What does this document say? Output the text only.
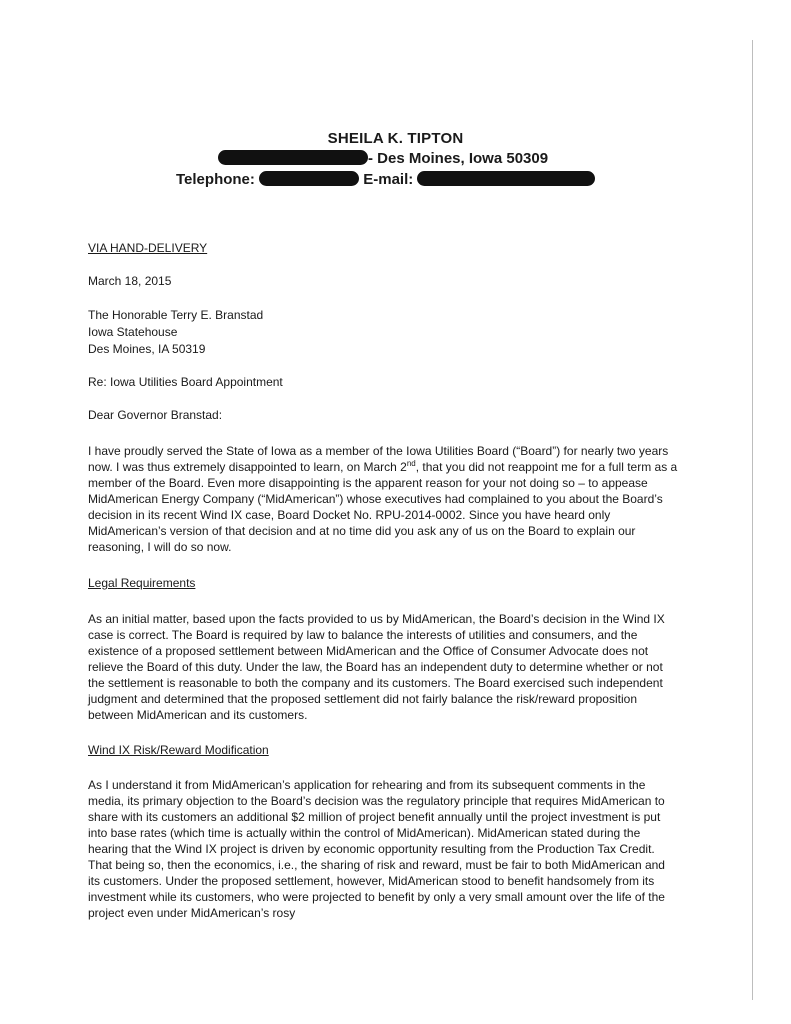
SHEILA K. TIPTON
- Des Moines, Iowa 50309
Telephone:	E-mail:
VIA HAND-DELIVERY
March 18, 2015
The Honorable Terry E. Branstad
Iowa Statehouse
Des Moines, IA 50319
Re: Iowa Utilities Board Appointment
Dear Governor Branstad:
I have proudly served the State of Iowa as a member of the Iowa Utilities Board (“Board”) for nearly two years now. I was thus extremely disappointed to learn, on March 2nd, that you did not reappoint me for a full term as a member of the Board. Even more disappointing is the apparent reason for your not doing so – to appease MidAmerican Energy Company (“MidAmerican”) whose executives had complained to you about the Board’s decision in its recent Wind IX case, Board Docket No. RPU-2014-0002. Since you have heard only MidAmerican’s version of that decision and at no time did you ask any of us on the Board to explain our reasoning, I will do so now.
Legal Requirements
As an initial matter, based upon the facts provided to us by MidAmerican, the Board’s decision in the Wind IX case is correct. The Board is required by law to balance the interests of utilities and consumers, and the existence of a proposed settlement between MidAmerican and the Office of Consumer Advocate does not relieve the Board of this duty. Under the law, the Board has an independent duty to determine whether or not the settlement is reasonable to both the company and its customers. The Board exercised such independent judgment and determined that the proposed settlement did not fairly balance the risk/reward proposition between MidAmerican and its customers.
Wind IX Risk/Reward Modification
As I understand it from MidAmerican’s application for rehearing and from its subsequent comments in the media, its primary objection to the Board’s decision was the regulatory principle that requires MidAmerican to share with its customers an additional $2 million of project benefit annually until the project investment is put into base rates (which time is actually within the control of MidAmerican). MidAmerican stated during the hearing that the Wind IX project is driven by economic opportunity resulting from the Production Tax Credit. That being so, then the economics, i.e., the sharing of risk and reward, must be fair to both MidAmerican and its customers. Under the proposed settlement, however, MidAmerican stood to benefit handsomely from its investment while its customers, who were projected to benefit by only a very small amount over the life of the project even under MidAmerican’s rosy
